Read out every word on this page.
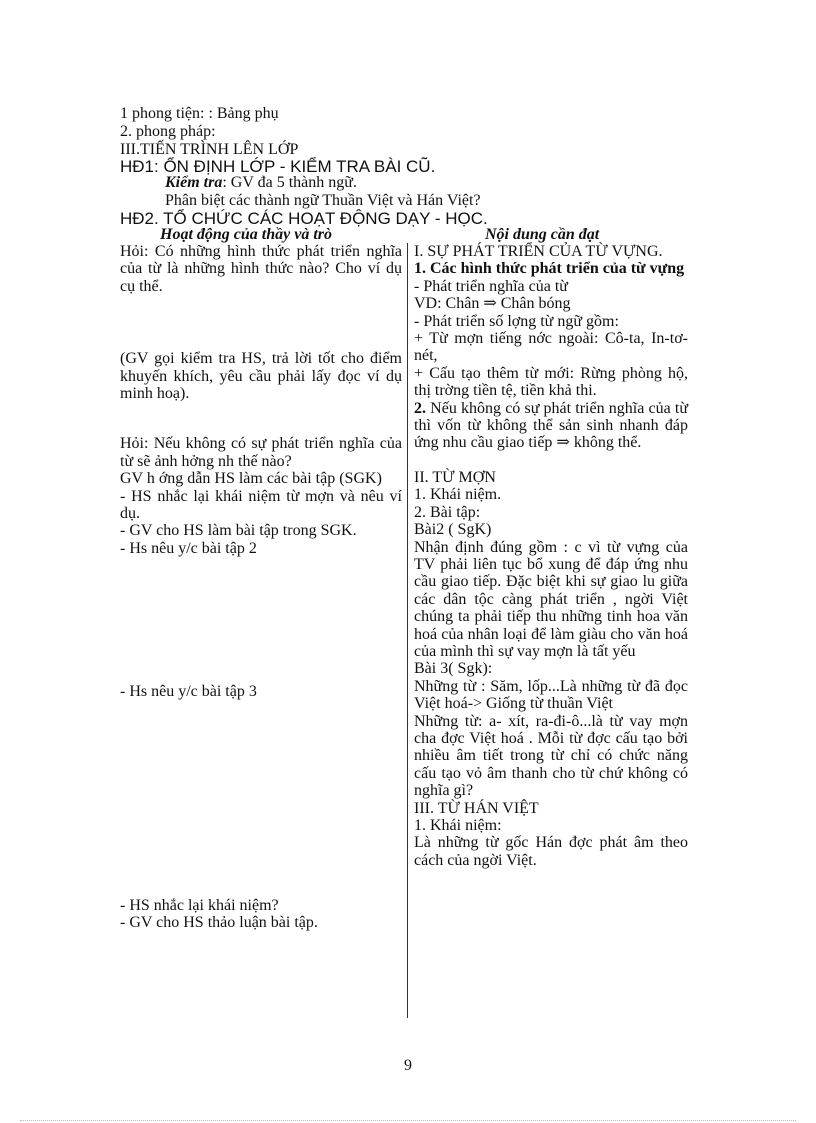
1 phong tiện: : Bảng phụ
2. phong pháp:
III.TIẾN TRÌNH LÊN LỚP
HĐ1: ỔN ĐỊNH LỚP - KIỂM TRA BÀI CŨ.
Kiểm tra: GV đa 5 thành ngữ.
Phân biệt các thành ngữ Thuần Việt và Hán Việt?
HĐ2. TỔ CHỨC CÁC HOẠT ĐỘNG DẠY - HỌC.
Hoạt động của thầy và trò	Nội dung cần đạt

Hỏi: Có những hình thức phát triển nghĩa của từ là những hình thức nào? Cho ví dụ cụ thể.

(GV gọi kiểm tra HS, trả lời tốt cho điểm khuyến khích, yêu cầu phải lấy đọc ví dụ minh hoạ).

Hỏi: Nếu không có sự phát triển nghĩa của từ sẽ ảnh hởng nh thế nào?

GV h ớng dẫn HS làm các bài tập (SGK)

- HS nhắc lại khái niệm từ mợn và nêu ví dụ.

- GV cho HS làm bài tập trong SGK.

- Hs nêu y/c bài tập 2

- Hs nêu y/c bài tập 3

- HS nhắc lại khái niệm?

- GV cho HS thảo luận bài tập.

I. SỰ PHÁT TRIỂN CỦA TỪ VỰNG.

1. Các hình thức phát triển của từ vựng

- Phát triển nghĩa của từ

VD: Chân ⇒ Chân bóng

- Phát triển số lợng từ ngữ gồm:

+ Từ mợn tiếng nớc ngoài: Cô-ta, In-tơ- nét,

+ Cấu tạo thêm từ mới: Rừng phòng hộ, thị trờng tiền tệ, tiền khả thi.

2. Nếu không có sự phát triển nghĩa của từ thì vốn từ không thể sản sinh nhanh đáp ứng nhu cầu giao tiếp ⇒ không thể.

II. TỪ MỢN

1. Khái niệm.

2. Bài tập:

Bài2 ( SgK)

Nhận định đúng gồm : c vì từ vựng của TV phải liên tục bổ xung để đáp ứng nhu cầu giao tiếp. Đặc biệt khi sự giao lu giữa các dân tộc càng phát triển , ngời Việt chúng ta phải tiếp thu những tinh hoa văn hoá của nhân loại để làm giàu cho văn hoá của mình thì sự vay mợn là tất yếu

Bài 3( Sgk):

Những từ : Săm, lốp...Là những từ đã đọc Việt hoá-> Giống từ thuần Việt

Những từ: a- xít, ra-đi-ô...là từ vay mợn cha đợc Việt hoá . Mỗi từ đợc cấu tạo bởi nhiều âm tiết trong từ chỉ có chức năng cấu tạo vỏ âm thanh cho từ chứ không có nghĩa gì?

III. TỪ HÁN VIỆT

1. Khái niệm:

Là những từ gốc Hán đợc phát âm theo cách của ngời Việt.

9
